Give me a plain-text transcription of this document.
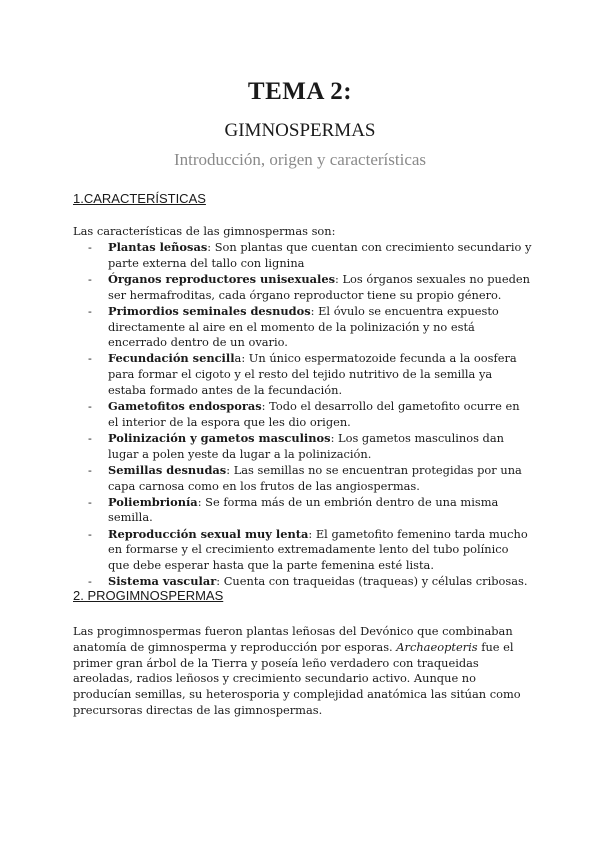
TEMA 2:
GIMNOSPERMAS
Introducción, origen y características
1.CARACTERÍSTICAS
Las características de las gimnospermas son:
- Plantas leñosas: Son plantas que cuentan con crecimiento secundario y parte externa del tallo con lignina
- Órganos reproductores unisexuales: Los órganos sexuales no pueden ser hermafroditas, cada órgano reproductor tiene su propio género.
- Primordios seminales desnudos: El óvulo se encuentra expuesto directamente al aire en el momento de la polinización y no está encerrado dentro de un ovario.
- Fecundación sencilla: Un único espermatozoide fecunda a la oosfera para formar el cigoto y el resto del tejido nutritivo de la semilla ya estaba formado antes de la fecundación.
- Gametofitos endosporas: Todo el desarrollo del gametofito ocurre en el interior de la espora que les dio origen.
- Polinización y gametos masculinos: Los gametos masculinos dan lugar a polen yeste da lugar a la polinización.
- Semillas desnudas: Las semillas no se encuentran protegidas por una capa carnosa como en los frutos de las angiospermas.
- Poliembrionía: Se forma más de un embrión dentro de una misma semilla.
- Reproducción sexual muy lenta: El gametofito femenino tarda mucho en formarse y el crecimiento extremadamente lento del tubo polínico que debe esperar hasta que la parte femenina esté lista.
- Sistema vascular: Cuenta con traqueidas (traqueas) y células cribosas.
2. PROGIMNOSPERMAS
Las progimnospermas fueron plantas leñosas del Devónico que combinaban anatomía de gimnosperma y reproducción por esporas. Archaeopteris fue el primer gran árbol de la Tierra y poseía leño verdadero con traqueidas areoladas, radios leñosos y crecimiento secundario activo. Aunque no producían semillas, su heterosporia y complejidad anatómica las sitúan como precursoras directas de las gimnospermas.
